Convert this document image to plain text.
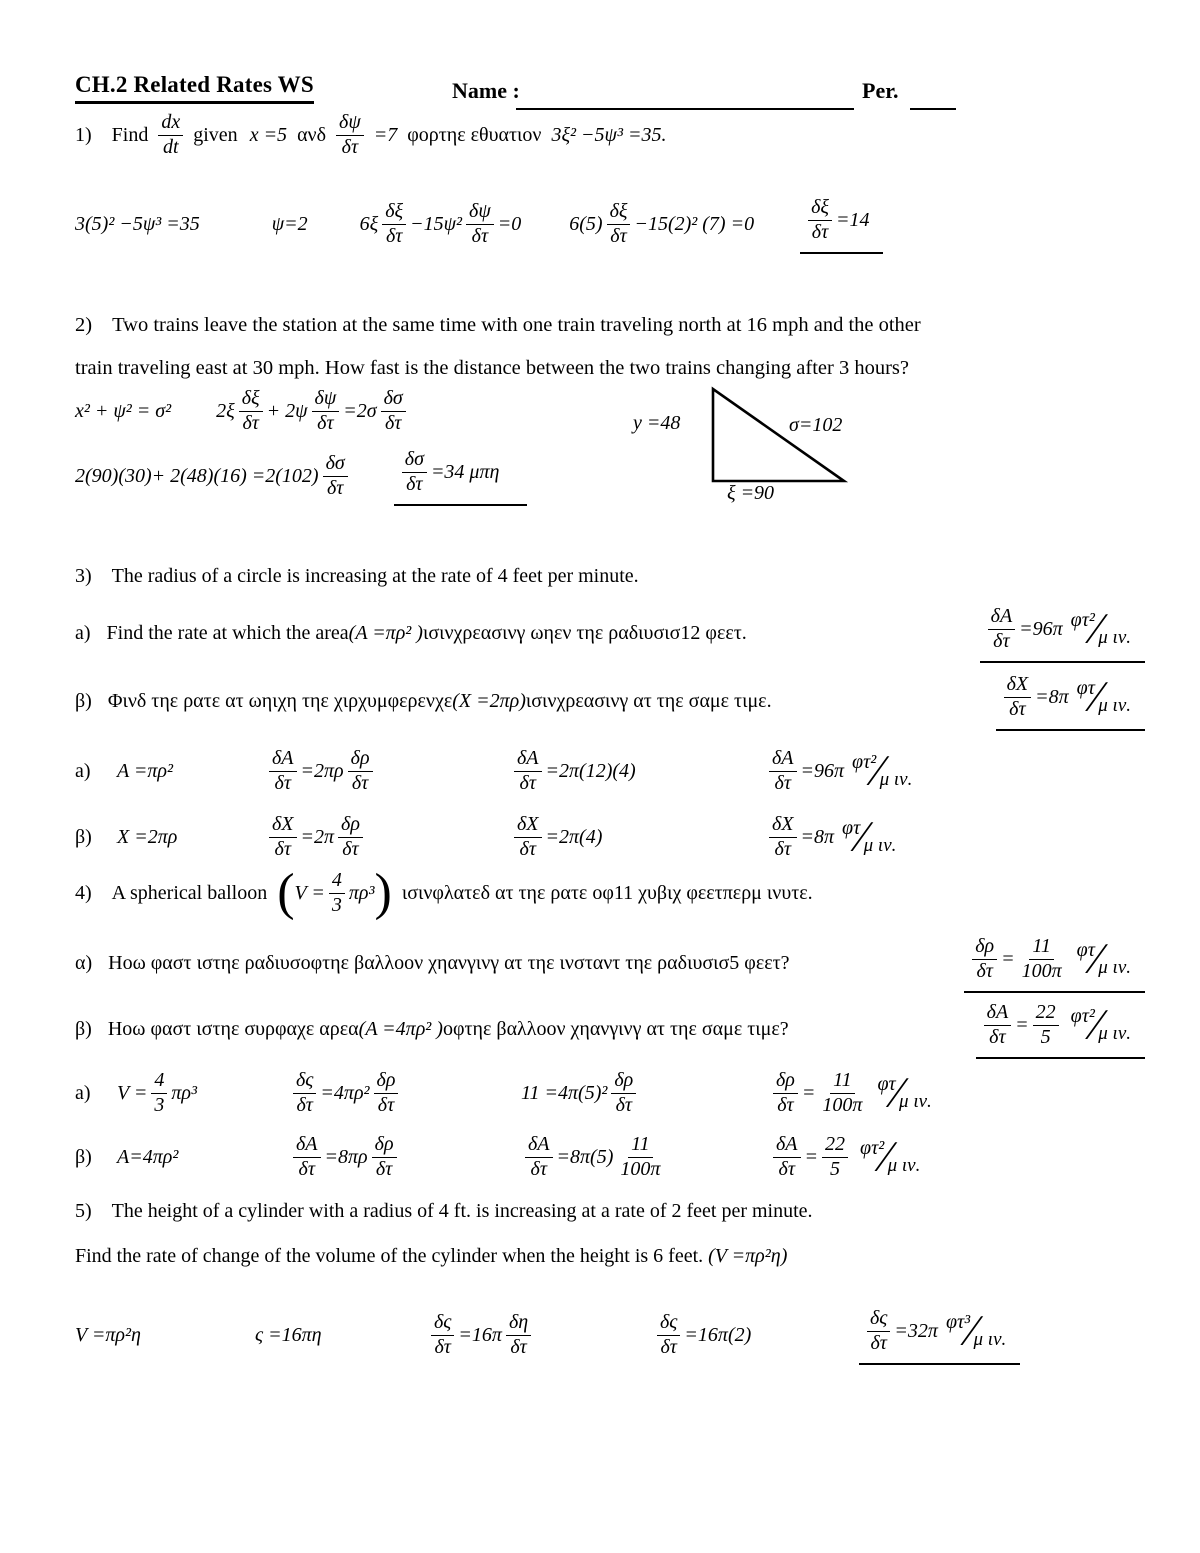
CH.2 Related Rates WS	Name :	Per.
1) Find $\frac{dx}{dt}$ given x =5 ανδ $\frac{\delta\psi}{\delta\tau} =7$ φορτηε εθυατιον 3ξ² −5ψ³ =35.
3(5)² −5ψ³ =35	ψ=2	$6\xi \frac{\delta\xi}{\delta\tau} -15\psi^2 \frac{\delta\psi}{\delta\tau} =0$ $6(5) \frac{\delta\xi}{\delta\tau} -15(2)^2$ (7) =0	$\frac{\delta\xi}{\delta\tau} =14$
2) Two trains leave the station at the same time with one train traveling north at 16 mph and the other
train traveling east at 30 mph. How fast is the distance between the two trains changing after 3 hours?
x² + ψ² = σ² $2\xi \frac{\delta\xi}{\delta\tau} + 2\psi \frac{\delta\psi}{\delta\tau} =2\sigma \frac{\delta\sigma}{\delta\tau}$
$2(90)(30)+ 2(48)(16) =2(102) \frac{\delta\sigma}{\delta\tau}$	$\frac{\delta\sigma}{\delta\tau} =34$ μπη
y =48	σ=102
ξ =90
3) The radius of a circle is increasing at the rate of 4 feet per minute.
a) Find the rate at which the area (A =πρ² ) ισινχρεασινγ ωηεν τηε ραδιυσισ12 φεετ.	$\frac{\delta A}{\delta\tau} =96\pi$ φτ²
∕
μ ιν.
β) Φινδ τηε ρατε ατ ωηιχη τηε χιρχυμφερενχε (Χ =2πρ) ισινχρεασινγ ατ τηε σαμε τιμε.	$\frac{\delta X}{\delta\tau} =8\pi$ φτ
∕
μ ιν.
a)	A =πρ²	$\frac{\delta A}{\delta\tau} =2\pi\rho \frac{\delta\rho}{\delta\tau}$	$\frac{\delta A}{\delta\tau} =2\pi(12)(4)$	$\frac{\delta A}{\delta\tau} =96\pi$ φτ²
∕
μ ιν.
β)	Χ =2πρ	$\frac{\delta X}{\delta\tau} =2\pi \frac{\delta\rho}{\delta\tau}$	$\frac{\delta X}{\delta\tau} =2\pi(4)$	$\frac{\delta X}{\delta\tau} =8\pi$ φτ
∕
μ ιν.
4) A spherical balloon ( $V = \frac{4}{3} \pi\rho^3$ ) ισινφλατεδ ατ τηε ρατε οφ11 χυβιχ φεετπερμ ινυτε.
α) Ηοω φαστ ιστηε ραδιυσοφτηε βαλλοον χηανγινγ ατ τηε ινσταντ τηε ραδιυσισ5 φεετ?	$\frac{\delta\rho}{\delta\tau} = \frac{11}{100\pi}$ φτ
∕
μ ιν.
β) Ηοω φαστ ιστηε συρφαχε αρεα (A =4πρ² ) οφτηε βαλλοον χηανγινγ ατ τηε σαμε τιμε?	$\frac{\delta A}{\delta\tau} = \frac{22}{5} \varphi\tau^2$
∕
μ ιν.
a)	$V = \frac{4}{3} \pi\rho^3$	$\frac{\delta\varsigma}{\delta\tau} =4\pi\rho^2 \frac{\delta\rho}{\delta\tau}$	$11 =4\pi(5)^2 \frac{\delta\rho}{\delta\tau}$	$\frac{\delta\rho}{\delta\tau} = \frac{11}{100\pi}$ φτ
∕
μ ιν.
β)	A=4πρ²	$\frac{\delta A}{\delta\tau} =8\pi\rho \frac{\delta\rho}{\delta\tau}$	$\frac{\delta A}{\delta\tau} =8\pi(5) \frac{11}{100\pi}$	$\frac{\delta A}{\delta\tau} = \frac{22}{5} \varphi\tau^2$
∕
μ ιν.
5) The height of a cylinder with a radius of 4 ft. is increasing at a rate of 2 feet per minute.
Find the rate of change of the volume of the cylinder when the height is 6 feet. (V =πρ²η)
V =πρ²η	ς =16πη	$\frac{\delta\varsigma}{\delta\tau} =16\pi \frac{\delta\eta}{\delta\tau}$	$\frac{\delta\varsigma}{\delta\tau} =16\pi(2)$	$\frac{\delta\varsigma}{\delta\tau} =32\pi$ φτ³
∕
μ ιν.
